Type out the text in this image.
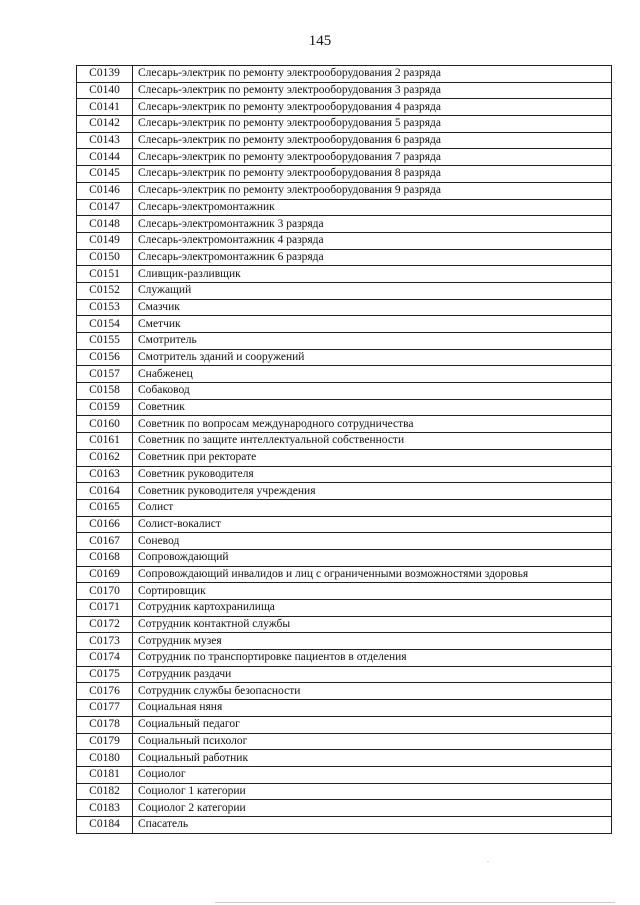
145
C0139	Слесарь-электрик по ремонту электрооборудования 2 разряда
C0140	Слесарь-электрик по ремонту электрооборудования 3 разряда
C0141	Слесарь-электрик по ремонту электрооборудования 4 разряда
C0142	Слесарь-электрик по ремонту электрооборудования 5 разряда
C0143	Слесарь-электрик по ремонту электрооборудования 6 разряда
C0144	Слесарь-электрик по ремонту электрооборудования 7 разряда
C0145	Слесарь-электрик по ремонту электрооборудования 8 разряда
C0146	Слесарь-электрик по ремонту электрооборудования 9 разряда
C0147	Слесарь-электромонтажник
C0148	Слесарь-электромонтажник 3 разряда
C0149	Слесарь-электромонтажник 4 разряда
C0150	Слесарь-электромонтажник 6 разряда
C0151	Сливщик-разливщик
C0152	Служащий
C0153	Смазчик
C0154	Сметчик
C0155	Смотритель
C0156	Смотритель зданий и сооружений
C0157	Снабженец
C0158	Собаковод
C0159	Советник
C0160	Советник по вопросам международного сотрудничества
C0161	Советник по защите интеллектуальной собственности
C0162	Советник при ректорате
C0163	Советник руководителя
C0164	Советник руководителя учреждения
C0165	Солист
C0166	Солист-вокалист
C0167	Соневод
C0168	Сопровождающий
C0169	Сопровождающий инвалидов и лиц с ограниченными возможностями здоровья
C0170	Сортировщик
C0171	Сотрудник картохранилища
C0172	Сотрудник контактной службы
C0173	Сотрудник музея
C0174	Сотрудник по транспортировке пациентов в отделения
C0175	Сотрудник раздачи
C0176	Сотрудник службы безопасности
C0177	Социальная няня
C0178	Социальный педагог
C0179	Социальный психолог
C0180	Социальный работник
C0181	Социолог
C0182	Социолог 1 категории
C0183	Социолог 2 категории
C0184	Спасатель
.
